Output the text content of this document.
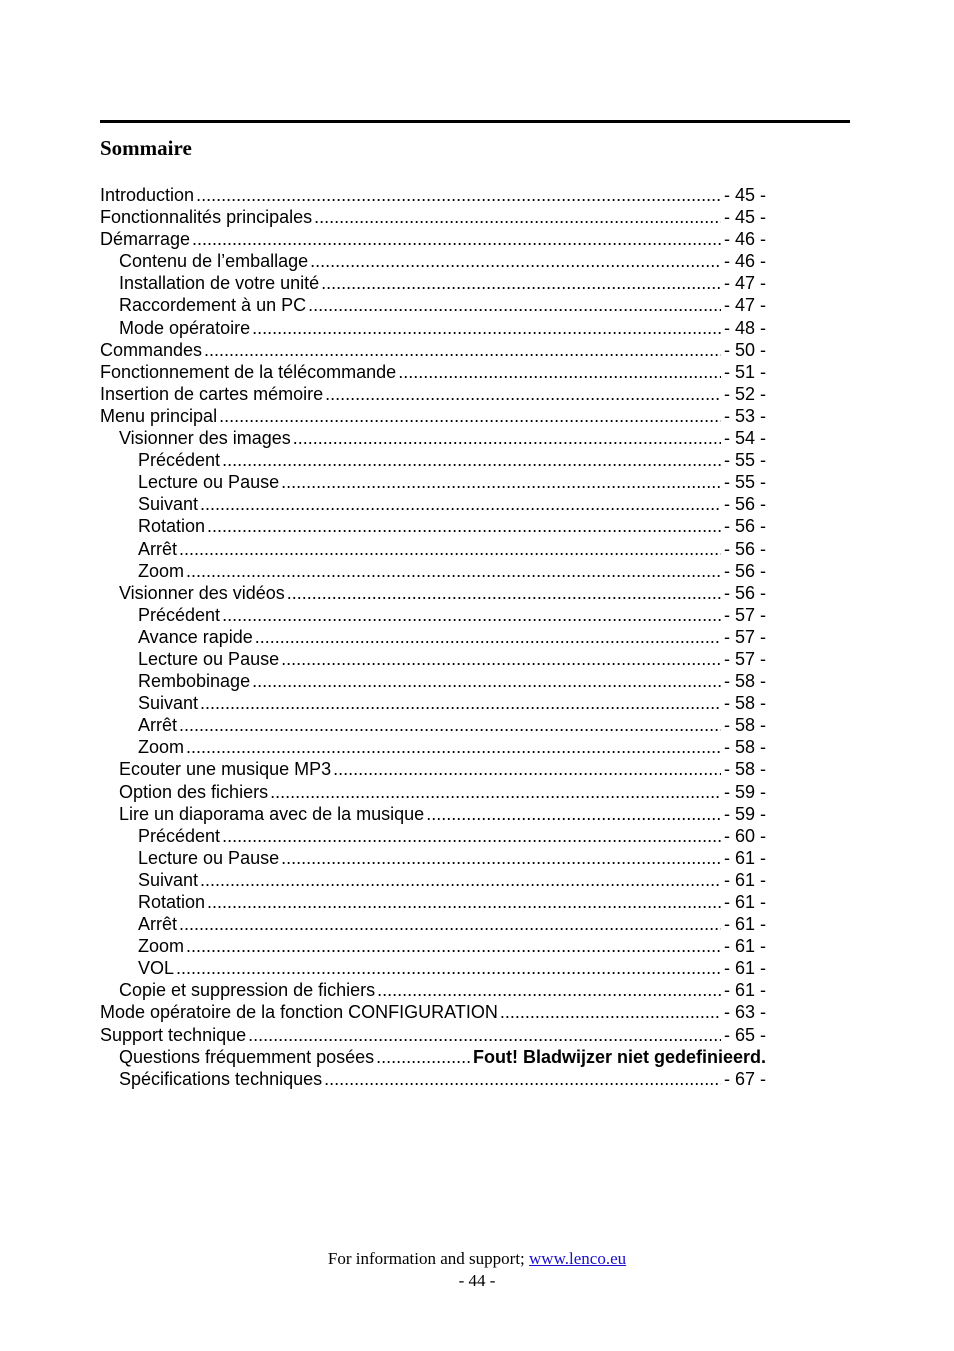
Sommaire
Introduction .....	- 45 -
Fonctionnalités principales .....	- 45 -
Démarrage .....	- 46 -
Contenu de l’emballage .....	- 46 -
Installation de votre unité .....	- 47 -
Raccordement à un PC .....	- 47 -
Mode opératoire .....	- 48 -
Commandes .....	- 50 -
Fonctionnement de la télécommande .....	- 51 -
Insertion de cartes mémoire .....	- 52 -
Menu principal .....	- 53 -
Visionner des images .....	- 54 -
Précédent .....	- 55 -
Lecture ou Pause .....	- 55 -
Suivant .....	- 56 -
Rotation .....	- 56 -
Arrêt .....	- 56 -
Zoom .....	- 56 -
Visionner des vidéos .....	- 56 -
Précédent .....	- 57 -
Avance rapide .....	- 57 -
Lecture ou Pause .....	- 57 -
Rembobinage .....	- 58 -
Suivant .....	- 58 -
Arrêt .....	- 58 -
Zoom .....	- 58 -
Ecouter une musique MP3 .....	- 58 -
Option des fichiers .....	- 59 -
Lire un diaporama avec de la musique .....	- 59 -
Précédent .....	- 60 -
Lecture ou Pause .....	- 61 -
Suivant .....	- 61 -
Rotation .....	- 61 -
Arrêt .....	- 61 -
Zoom .....	- 61 -
VOL .....	- 61 -
Copie et suppression de fichiers .....	- 61 -
Mode opératoire de la fonction CONFIGURATION .....	- 63 -
Support technique .....	- 65 -
Questions fréquemment posées .....	Fout! Bladwijzer niet gedefinieerd.
Spécifications techniques .....	- 67 -
For information and support; www.lenco.eu
- 44 -
